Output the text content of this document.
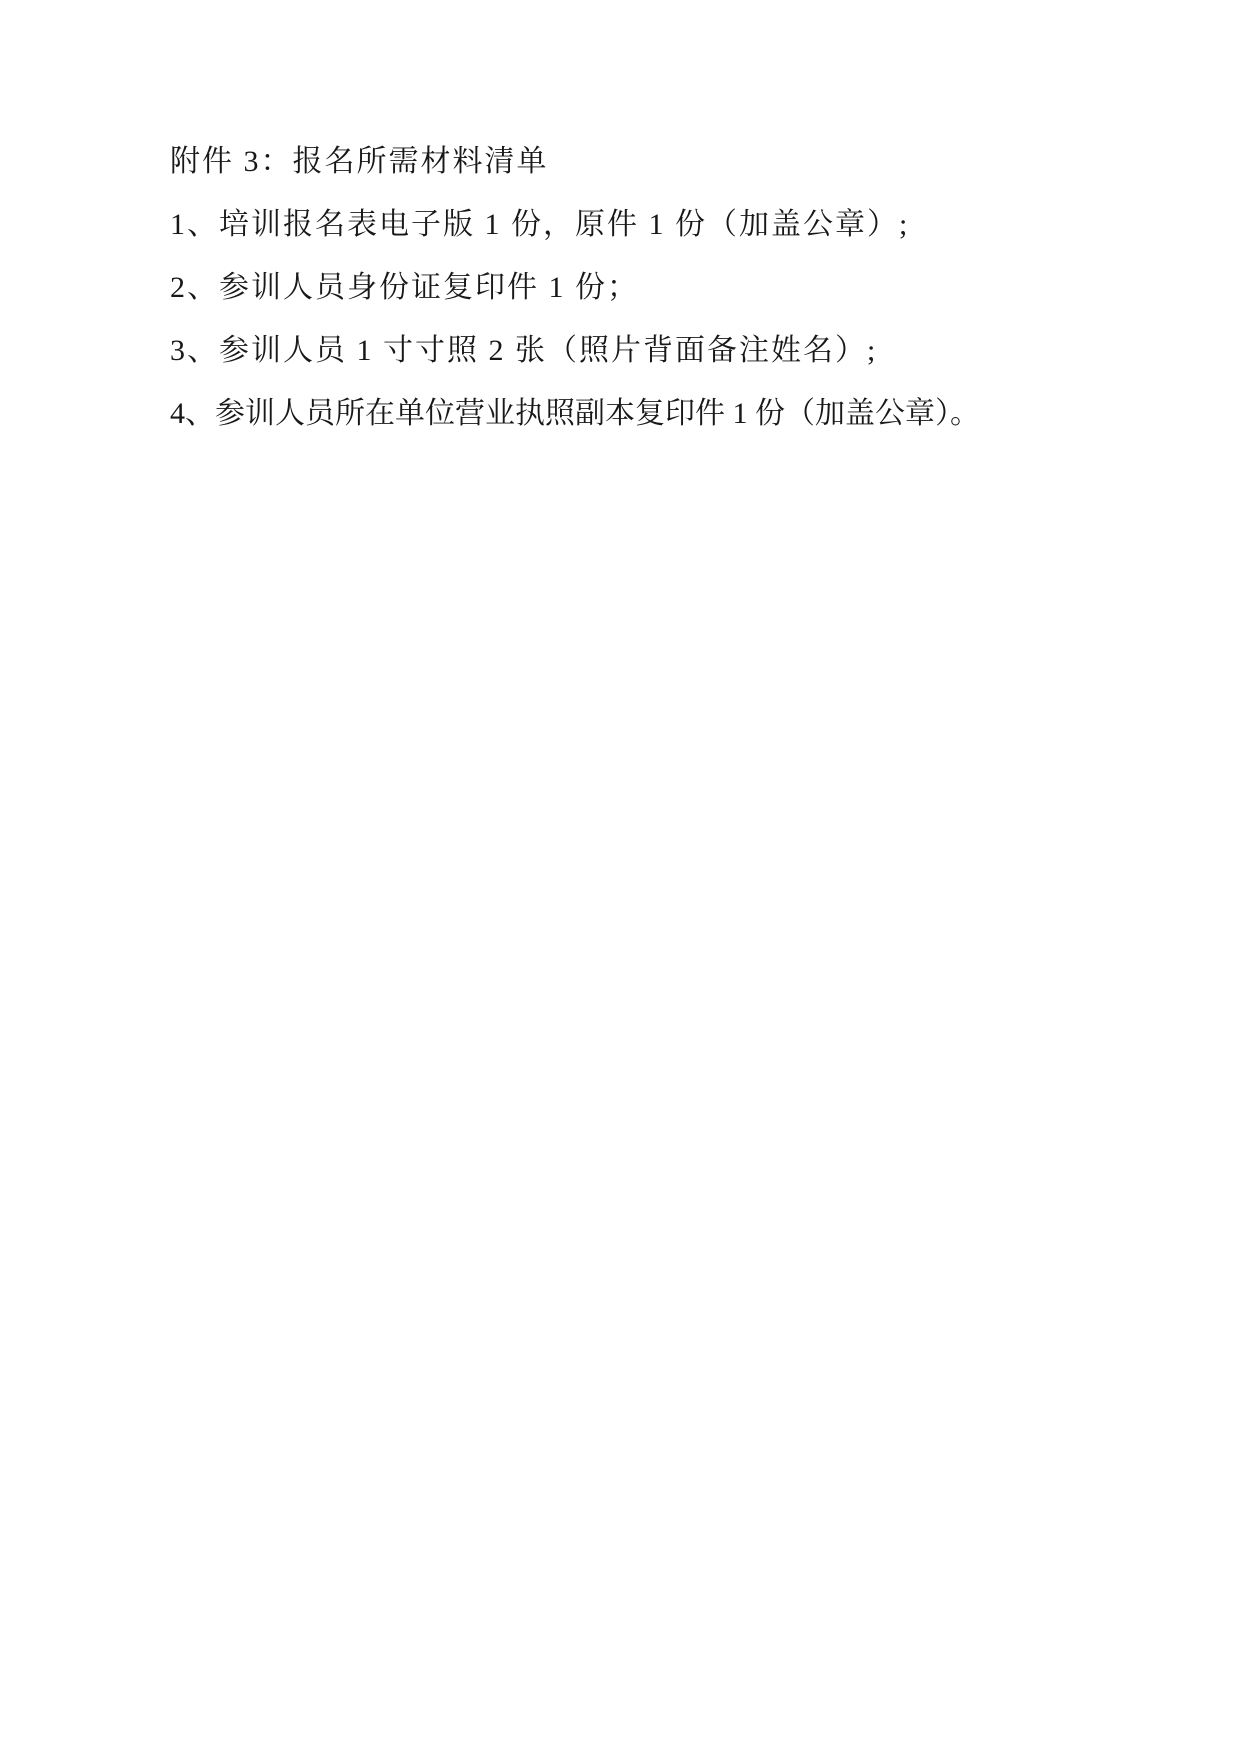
附件 3：报名所需材料清单

1、培训报名表电子版 1 份，原件 1 份（加盖公章）;

2、参训人员身份证复印件 1 份；

3、参训人员 1 寸寸照 2 张（照片背面备注姓名）;

4、参训人员所在单位营业执照副本复印件 1 份（加盖公章）。
